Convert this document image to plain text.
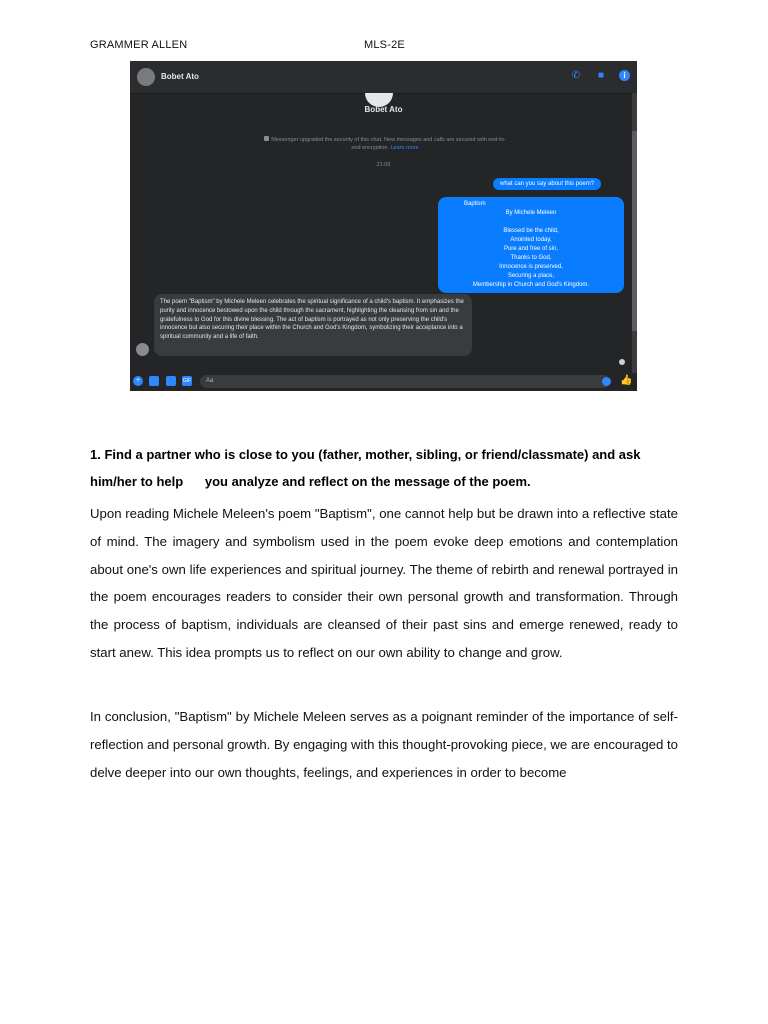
GRAMMER ALLEN	MLS-2E
Bobet Ato	✆ ■	i
Bobet Ato
Messenger upgraded the security of this chat. New messages and calls are secured with end-to-end encryption. Learn more
21:05
what can you say about this poem?
Baptism
By Michele Meleen
Blessed be the child,
Anointed today,
Pure and free of sin,
Thanks to God,
Innocence is preserved,
Securing a place,
Membership in Church and God's Kingdom.
The poem "Baptism" by Michele Meleen celebrates the spiritual significance of a child's baptism. It emphasizes the purity and innocence bestowed upon the child through the sacrament, highlighting the cleansing from sin and the gratefulness to God for this divine blessing. The act of baptism is portrayed as not only preserving the child's innocence but also securing their place within the Church and God's Kingdom, symbolizing their acceptance into a spiritual community and a life of faith.
+	GIF	Aa	👍
1. Find a partner who is close to you (father, mother, sibling, or friend/classmate) and ask him/her to help you analyze and reflect on the message of the poem.
Upon reading Michele Meleen's poem "Baptism", one cannot help but be drawn into a reflective state of mind. The imagery and symbolism used in the poem evoke deep emotions and contemplation about one's own life experiences and spiritual journey. The theme of rebirth and renewal portrayed in the poem encourages readers to consider their own personal growth and transformation. Through the process of baptism, individuals are cleansed of their past sins and emerge renewed, ready to start anew. This idea prompts us to reflect on our own ability to change and grow.
In conclusion, "Baptism" by Michele Meleen serves as a poignant reminder of the importance of self-reflection and personal growth. By engaging with this thought-provoking piece, we are encouraged to delve deeper into our own thoughts, feelings, and experiences in order to become
